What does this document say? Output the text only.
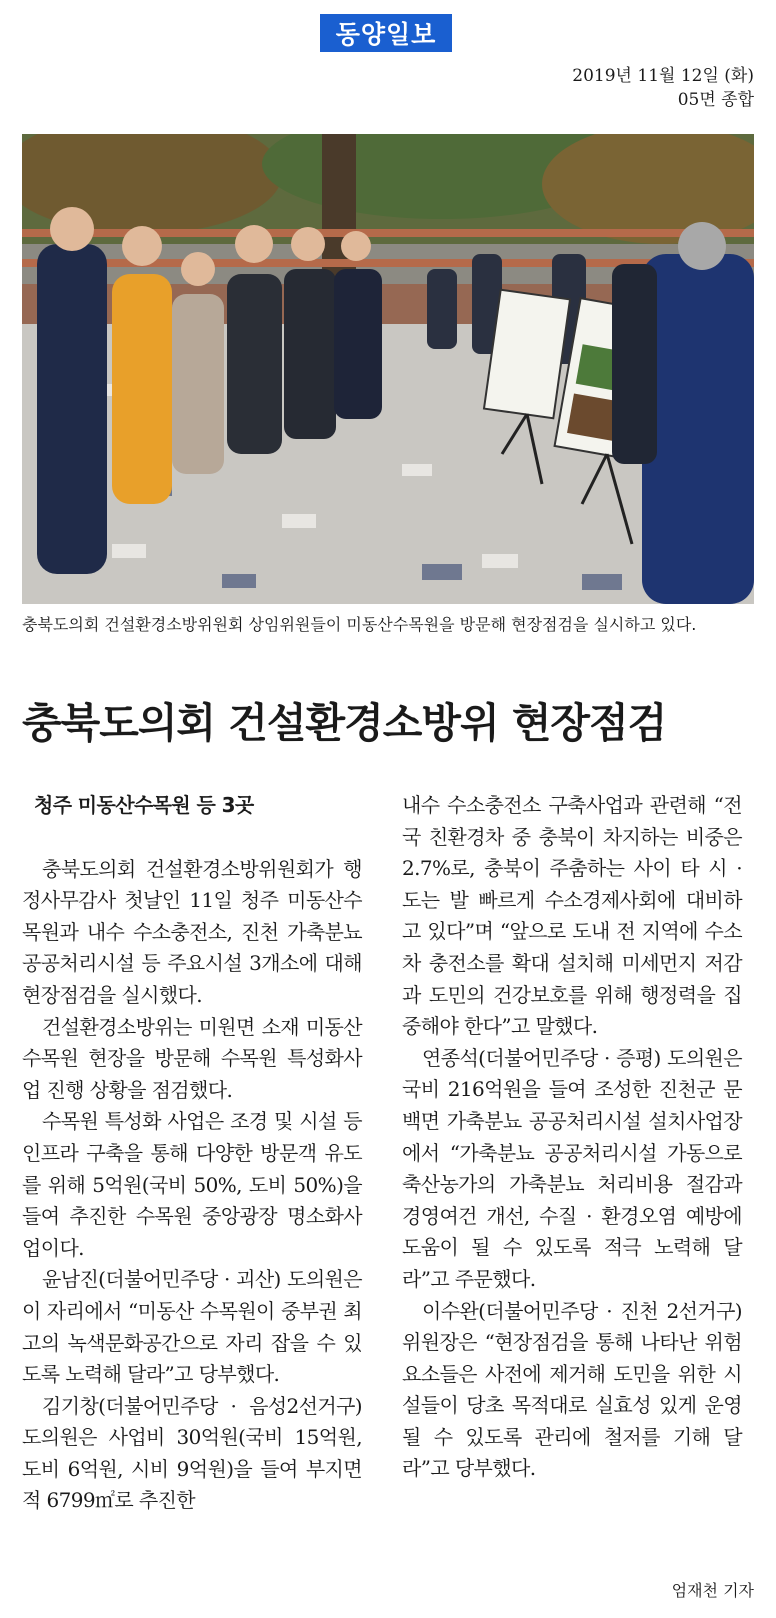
동양일보
2019년 11월 12일 (화)
05면 종합
충북도의회 건설환경소방위원회 상임위원들이 미동산수목원을 방문해 현장점검을 실시하고 있다.
충북도의회 건설환경소방위 현장점검
청주 미동산수목원 등 3곳

충북도의회 건설환경소방위원회가 행정사무감사 첫날인 11일 청주 미동산수목원과 내수 수소충전소, 진천 가축분뇨 공공처리시설 등 주요시설 3개소에 대해 현장점검을 실시했다.

건설환경소방위는 미원면 소재 미동산수목원 현장을 방문해 수목원 특성화사업 진행 상황을 점검했다.

수목원 특성화 사업은 조경 및 시설 등 인프라 구축을 통해 다양한 방문객 유도를 위해 5억원(국비 50%, 도비 50%)을 들여 추진한 수목원 중앙광장 명소화사업이다.

윤남진(더불어민주당 · 괴산) 도의원은 이 자리에서 “미동산 수목원이 중부권 최고의 녹색문화공간으로 자리 잡을 수 있도록 노력해 달라”고 당부했다.

김기창(더불어민주당 · 음성2선거구) 도의원은 사업비 30억원(국비 15억원, 도비 6억원, 시비 9억원)을 들여 부지면적 6799㎡로 추진한

내수 수소충전소 구축사업과 관련해 “전국 친환경차 중 충북이 차지하는 비중은 2.7%로, 충북이 주춤하는 사이 타 시 · 도는 발 빠르게 수소경제사회에 대비하고 있다”며 “앞으로 도내 전 지역에 수소차 충전소를 확대 설치해 미세먼지 저감과 도민의 건강보호를 위해 행정력을 집중해야 한다”고 말했다.

연종석(더불어민주당 · 증평) 도의원은 국비 216억원을 들여 조성한 진천군 문백면 가축분뇨 공공처리시설 설치사업장에서 “가축분뇨 공공처리시설 가동으로 축산농가의 가축분뇨 처리비용 절감과 경영여건 개선, 수질 · 환경오염 예방에 도움이 될 수 있도록 적극 노력해 달라”고 주문했다.

이수완(더불어민주당 · 진천 2선거구) 위원장은 “현장점검을 통해 나타난 위험요소들은 사전에 제거해 도민을 위한 시설들이 당초 목적대로 실효성 있게 운영될 수 있도록 관리에 철저를 기해 달라”고 당부했다.

엄재천 기자
